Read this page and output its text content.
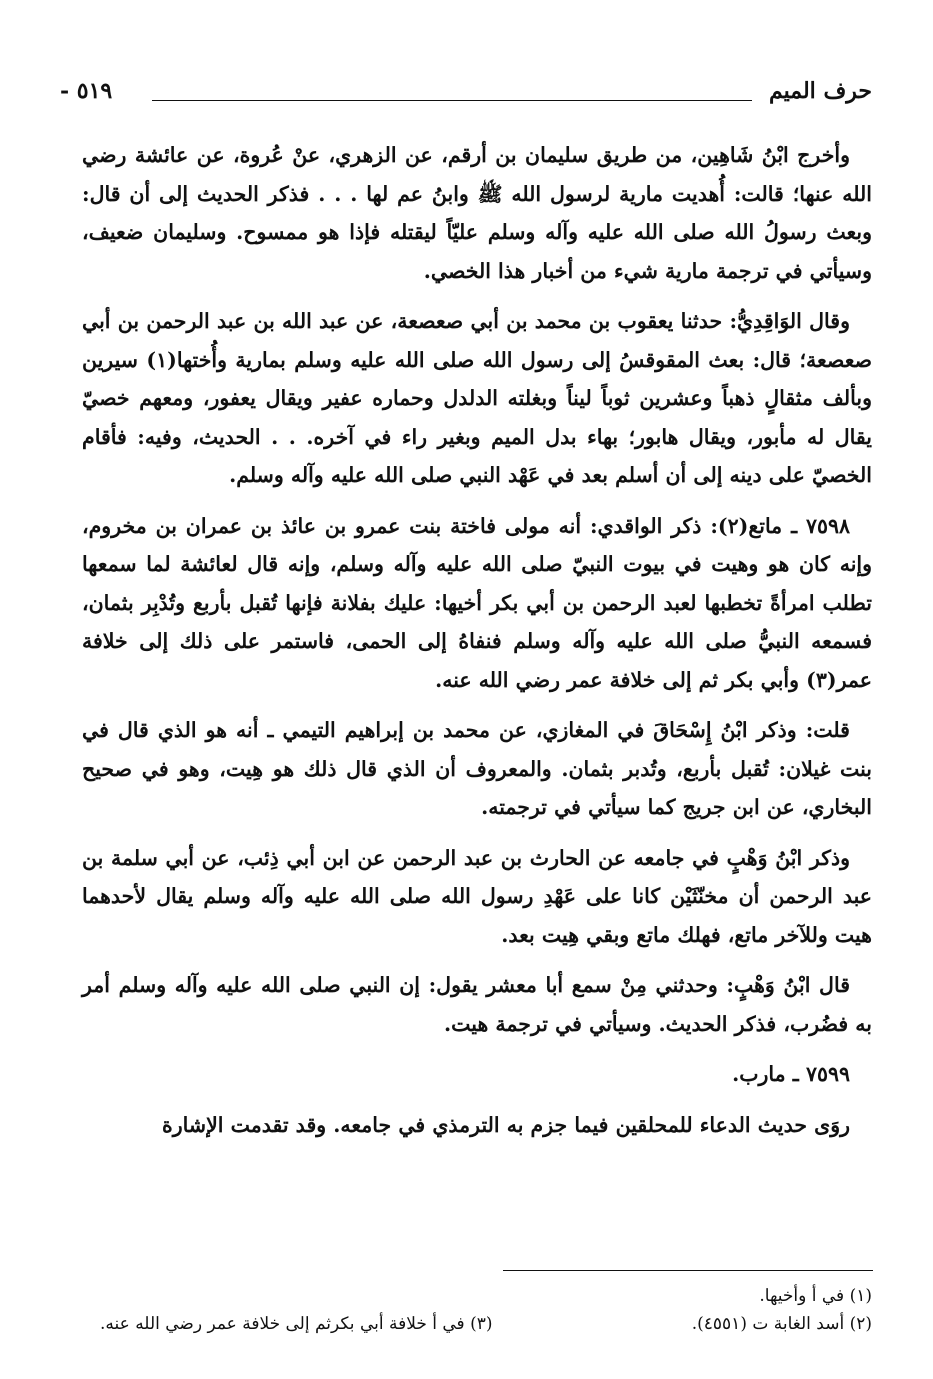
حرف الميم
- ٥١٩

وأخرج ابْنُ شَاهِين، من طريق سليمان بن أرقم، عن الزهري، عنْ عُروة، عن عائشة رضي الله عنها؛ قالت: أُهديت مارية لرسول الله ﷺ وابنُ عم لها . . . فذكر الحديث إلى أن قال: وبعث رسولُ الله صلى الله عليه وآله وسلم عليّاً ليقتله فإذا هو ممسوح. وسليمان ضعيف، وسيأتي في ترجمة مارية شيء من أخبار هذا الخصي.

وقال الوَاقِدِيُّ: حدثنا يعقوب بن محمد بن أبي صعصعة، عن عبد الله بن عبد الرحمن بن أبي صعصعة؛ قال: بعث المقوقسُ إلى رسول الله صلى الله عليه وسلم بمارية وأُختها(١) سيرين وبألف مثقالٍ ذهباً وعشرين ثوباً ليناً وبغلته الدلدل وحماره عفير ويقال يعفور، ومعهم خصيّ يقال له مأبور، ويقال هابور؛ بهاء بدل الميم وبغير راء في آخره. . . الحديث، وفيه: فأقام الخصيّ على دينه إلى أن أسلم بعد في عَهْد النبي صلى الله عليه وآله وسلم.

٧٥٩٨ ـ ماتع(٢): ذكر الواقدي: أنه مولى فاختة بنت عمرو بن عائذ بن عمران بن مخروم، وإنه كان هو وهيت في بيوت النبيّ صلى الله عليه وآله وسلم، وإنه قال لعائشة لما سمعها تطلب امرأةً تخطبها لعبد الرحمن بن أبي بكر أخيها: عليك بفلانة فإنها تُقبل بأربع وتُدْبِر بثمان، فسمعه النبيُّ صلى الله عليه وآله وسلم فنفاهُ إلى الحمى، فاستمر على ذلك إلى خلافة عمر(٣) وأبي بكر ثم إلى خلافة عمر رضي الله عنه.

قلت: وذكر ابْنُ إِسْحَاقَ في المغازي، عن محمد بن إبراهيم التيمي ـ أنه هو الذي قال في بنت غيلان: تُقبل بأربع، وتُدبر بثمان. والمعروف أن الذي قال ذلك هو هِيت، وهو في صحيح البخاري، عن ابن جريج كما سيأتي في ترجمته.

وذكر ابْنُ وَهْبٍ في جامعه عن الحارث بن عبد الرحمن عن ابن أبي ذِئب، عن أبي سلمة بن عبد الرحمن أن مخنّثَيْن كانا على عَهْدِ رسول الله صلى الله عليه وآله وسلم يقال لأحدهما هيت وللآخر ماتع، فهلك ماتع وبقي هِيت بعد.

قال ابْنُ وَهْبٍ: وحدثني مِنْ سمع أبا معشر يقول: إن النبي صلى الله عليه وآله وسلم أمر به فضُرب، فذكر الحديث. وسيأتي في ترجمة هيت.

٧٥٩٩ ـ مارب.

روَى حديث الدعاء للمحلقين فيما جزم به الترمذي في جامعه. وقد تقدمت الإشارة

(١) في أ وأخيها.
(٢) أسد الغابة ت (٤٥٥١).
(٣) في أ خلافة أبي بكرثم إلى خلافة عمر رضي الله عنه.
